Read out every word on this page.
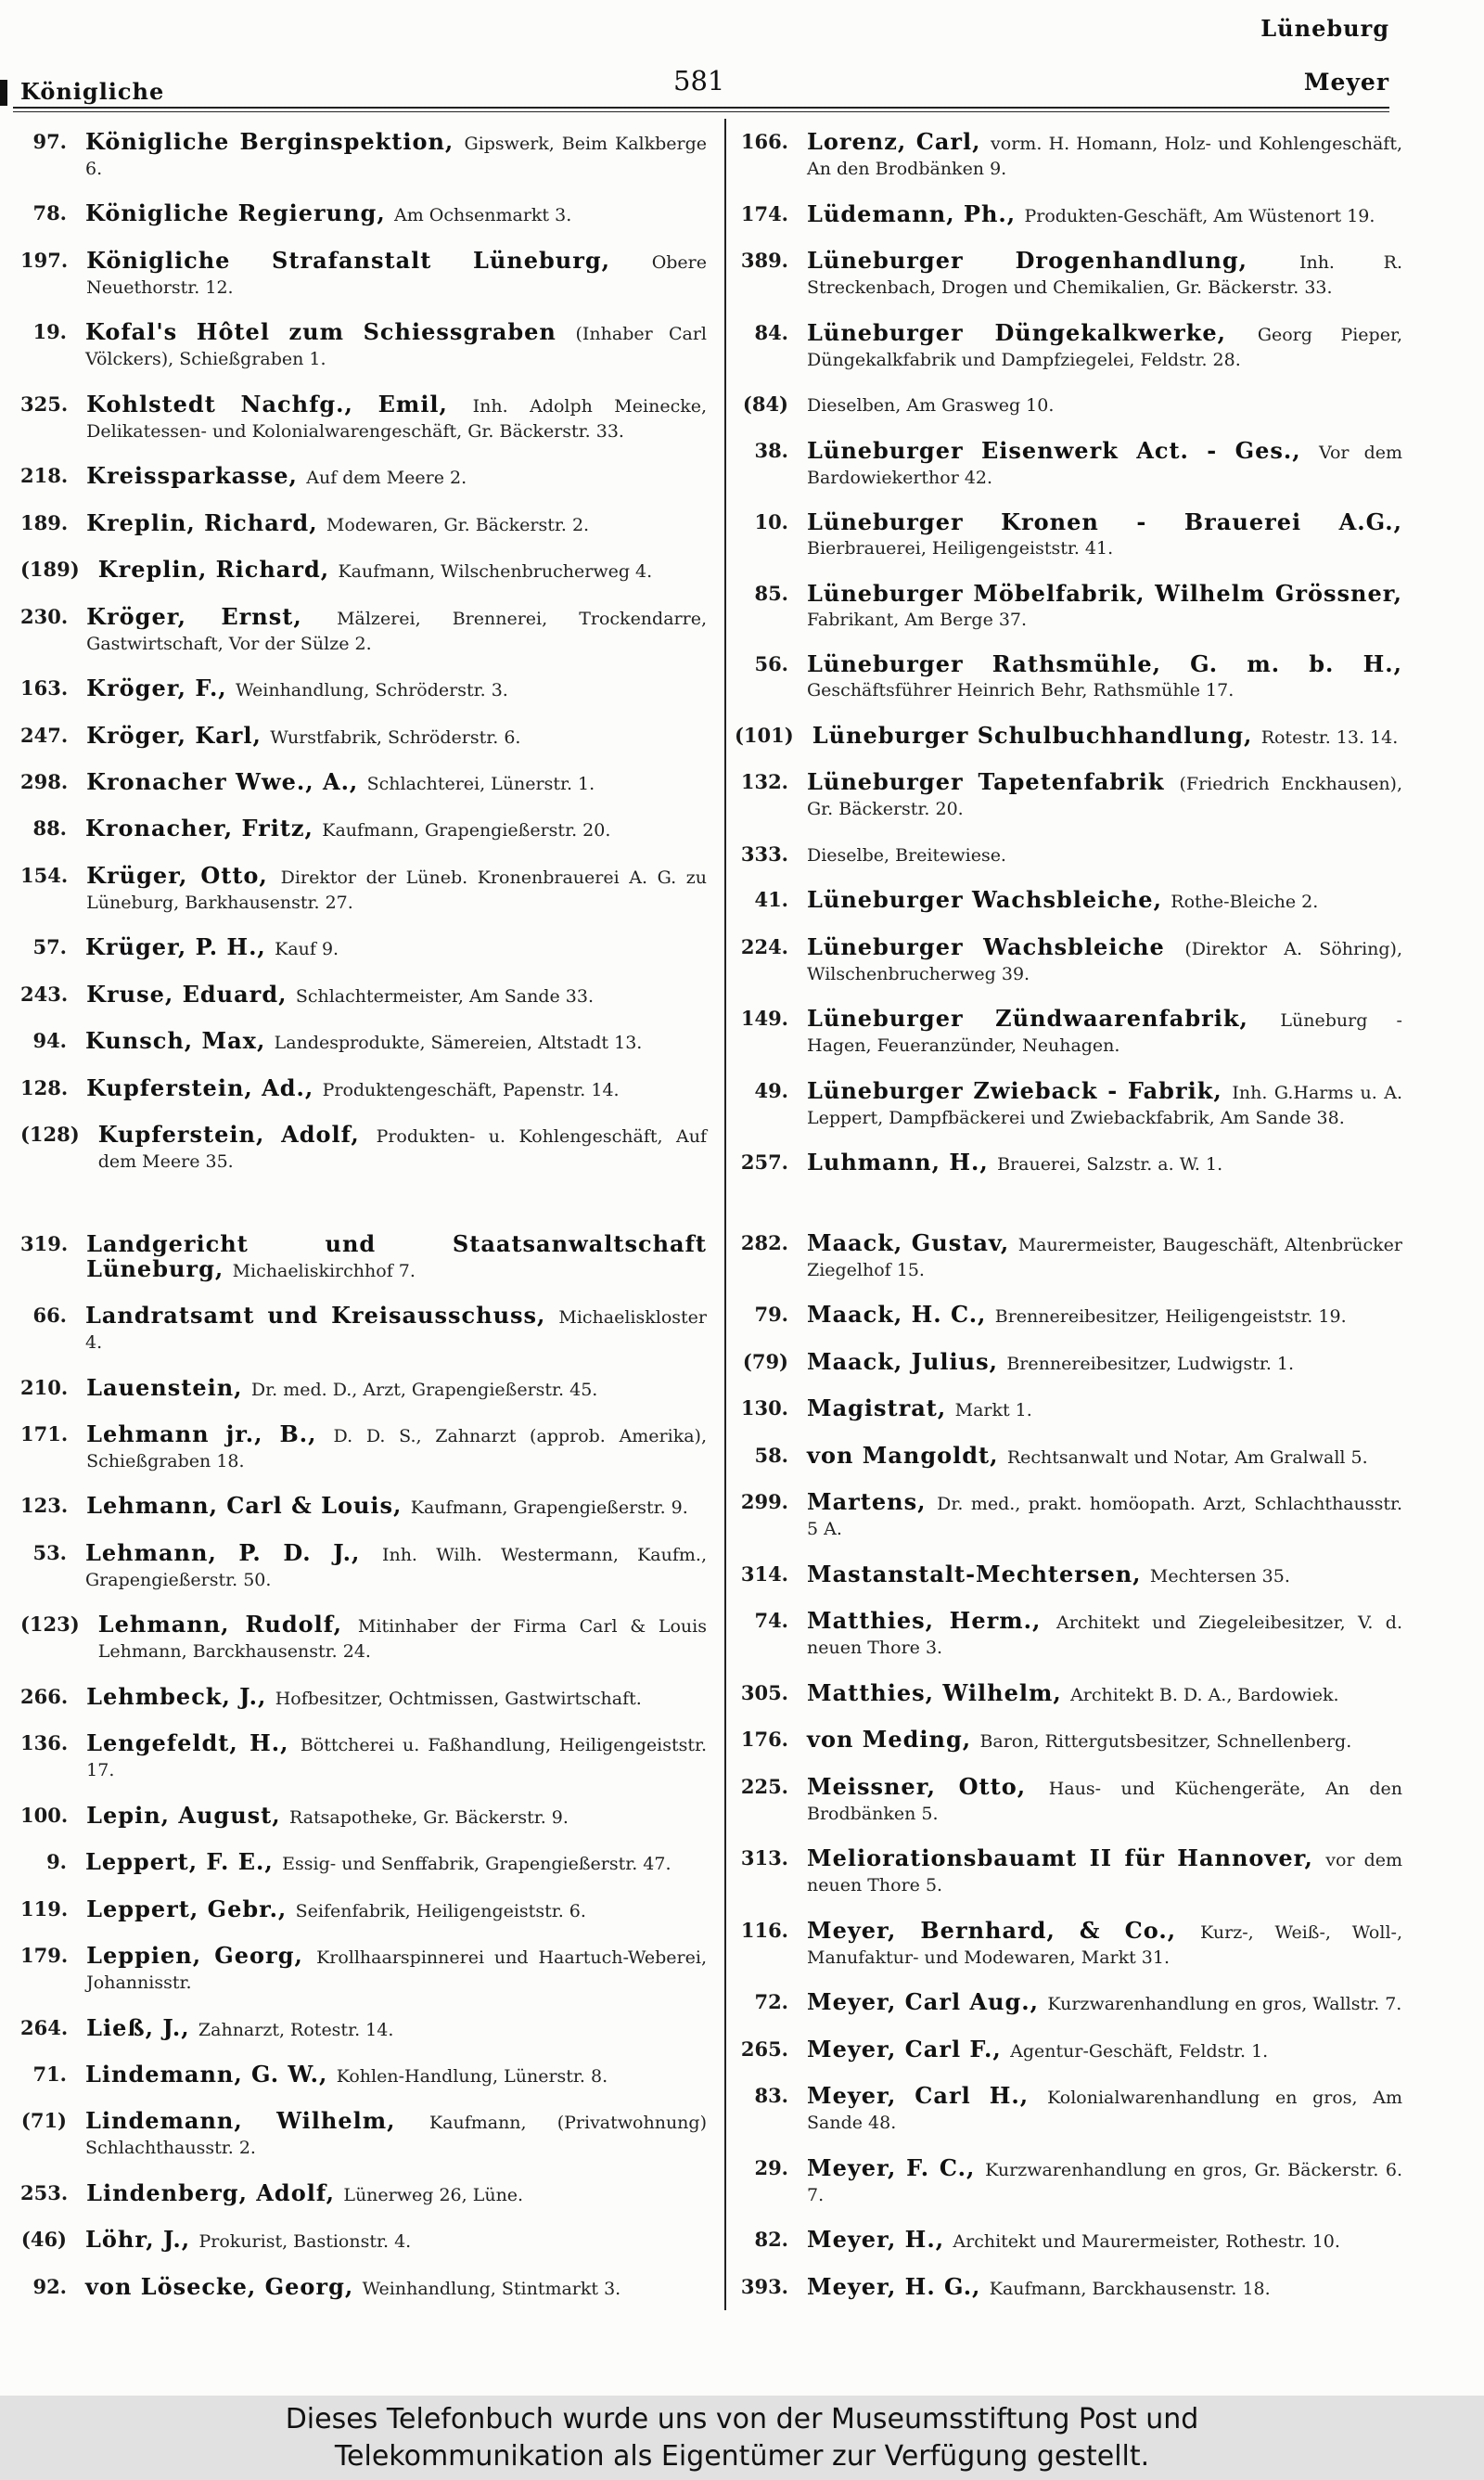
Königliche	581
Lüneburg
Meyer
97. Königliche Berginspektion, Gipswerk, Beim Kalkberge 6.
78. Königliche Regierung, Am Ochsenmarkt 3.
197. Königliche Strafanstalt Lüneburg, Obere Neuethorstr. 12.
19. Kofal's Hôtel zum Schiessgraben (Inhaber Carl Völckers), Schießgraben 1.
325. Kohlstedt Nachfg., Emil, Inh. Adolph Meinecke, Delikatessen- und Kolonialwarengeschäft, Gr. Bäckerstr. 33.
218. Kreissparkasse, Auf dem Meere 2.
189. Kreplin, Richard, Modewaren, Gr. Bäckerstr. 2.
(189) Kreplin, Richard, Kaufmann, Wilschenbrucherweg 4.
230. Kröger, Ernst, Mälzerei, Brennerei, Trockendarre, Gastwirtschaft, Vor der Sülze 2.
163. Kröger, F., Weinhandlung, Schröderstr. 3.
247. Kröger, Karl, Wurstfabrik, Schröderstr. 6.
298. Kronacher Wwe., A., Schlachterei, Lünerstr. 1.
88. Kronacher, Fritz, Kaufmann, Grapengießerstr. 20.
154. Krüger, Otto, Direktor der Lüneb. Kronenbrauerei A. G. zu Lüneburg, Barkhausenstr. 27.
57. Krüger, P. H., Kauf 9.
243. Kruse, Eduard, Schlachtermeister, Am Sande 33.
94. Kunsch, Max, Landesprodukte, Sämereien, Altstadt 13.
128. Kupferstein, Ad., Produktengeschäft, Papenstr. 14.
(128) Kupferstein, Adolf, Produkten- u. Kohlengeschäft, Auf dem Meere 35.
319. Landgericht und Staatsanwaltschaft Lüneburg, Michaeliskirchhof 7.
66. Landratsamt und Kreisausschuss, Michaeliskloster 4.
210. Lauenstein, Dr. med. D., Arzt, Grapengießerstr. 45.
171. Lehmann jr., B., D. D. S., Zahnarzt (approb. Amerika), Schießgraben 18.
123. Lehmann, Carl & Louis, Kaufmann, Grapengießerstr. 9.
53. Lehmann, P. D. J., Inh. Wilh. Westermann, Kaufm., Grapengießerstr. 50.
(123) Lehmann, Rudolf, Mitinhaber der Firma Carl & Louis Lehmann, Barckhausenstr. 24.
266. Lehmbeck, J., Hofbesitzer, Ochtmissen, Gastwirtschaft.
136. Lengefeldt, H., Böttcherei u. Faßhandlung, Heiligengeiststr. 17.
100. Lepin, August, Ratsapotheke, Gr. Bäckerstr. 9.
9. Leppert, F. E., Essig- und Senffabrik, Grapengießerstr. 47.
119. Leppert, Gebr., Seifenfabrik, Heiligengeiststr. 6.
179. Leppien, Georg, Krollhaarspinnerei und Haartuch-Weberei, Johannisstr.
264. Ließ, J., Zahnarzt, Rotestr. 14.
71. Lindemann, G. W., Kohlen-Handlung, Lünerstr. 8.
(71) Lindemann, Wilhelm, Kaufmann, (Privatwohnung) Schlachthausstr. 2.
253. Lindenberg, Adolf, Lünerweg 26, Lüne.
(46) Löhr, J., Prokurist, Bastionstr. 4.
92. von Lösecke, Georg, Weinhandlung, Stintmarkt 3.
166. Lorenz, Carl, vorm. H. Homann, Holz- und Kohlengeschäft, An den Brodbänken 9.
174. Lüdemann, Ph., Produkten-Geschäft, Am Wüstenort 19.
389. Lüneburger Drogenhandlung, Inh. R. Streckenbach, Drogen und Chemikalien, Gr. Bäckerstr. 33.
84. Lüneburger Düngekalkwerke, Georg Pieper, Düngekalkfabrik und Dampfziegelei, Feldstr. 28.
(84)	Dieselben, Am Grasweg 10.
38. Lüneburger Eisenwerk Act. - Ges., Vor dem Bardowiekerthor 42.
10. Lüneburger Kronen - Brauerei A.G., Bierbrauerei, Heiligengeiststr. 41.
85. Lüneburger Möbelfabrik, Wilhelm Grössner, Fabrikant, Am Berge 37.
56. Lüneburger Rathsmühle, G. m. b. H., Geschäftsführer Heinrich Behr, Rathsmühle 17.
(101) Lüneburger Schulbuchhandlung, Rotestr. 13. 14.
132. Lüneburger Tapetenfabrik (Friedrich Enckhausen), Gr. Bäckerstr. 20.
333.	Dieselbe, Breitewiese.
41. Lüneburger Wachsbleiche, Rothe-Bleiche 2.
224. Lüneburger Wachsbleiche (Direktor A. Söhring), Wilschenbrucherweg 39.
149. Lüneburger Zündwaarenfabrik, Lüneburg - Hagen, Feueranzünder, Neuhagen.
49. Lüneburger Zwieback - Fabrik, Inh. G.Harms u. A. Leppert, Dampfbäckerei und Zwiebackfabrik, Am Sande 38.
257. Luhmann, H., Brauerei, Salzstr. a. W. 1.
282. Maack, Gustav, Maurermeister, Baugeschäft, Altenbrücker Ziegelhof 15.
79. Maack, H. C., Brennereibesitzer, Heiligengeiststr. 19.
(79) Maack, Julius, Brennereibesitzer, Ludwigstr. 1.
130. Magistrat, Markt 1.
58. von Mangoldt, Rechtsanwalt und Notar, Am Gralwall 5.
299. Martens, Dr. med., prakt. homöopath. Arzt, Schlachthausstr. 5 A.
314. Mastanstalt-Mechtersen, Mechtersen 35.
74. Matthies, Herm., Architekt und Ziegeleibesitzer, V. d. neuen Thore 3.
305. Matthies, Wilhelm, Architekt B. D. A., Bardowiek.
176. von Meding, Baron, Rittergutsbesitzer, Schnellenberg.
225. Meissner, Otto, Haus- und Küchengeräte, An den Brodbänken 5.
313. Meliorationsbauamt II für Hannover, vor dem neuen Thore 5.
116. Meyer, Bernhard, & Co., Kurz-, Weiß-, Woll-, Manufaktur- und Modewaren, Markt 31.
72. Meyer, Carl Aug., Kurzwarenhandlung en gros, Wallstr. 7.
265. Meyer, Carl F., Agentur-Geschäft, Feldstr. 1.
83. Meyer, Carl H., Kolonialwarenhandlung en gros, Am Sande 48.
29. Meyer, F. C., Kurzwarenhandlung en gros, Gr. Bäckerstr. 6. 7.
82. Meyer, H., Architekt und Maurermeister, Rothestr. 10.
393. Meyer, H. G., Kaufmann, Barckhausenstr. 18.
Dieses Telefonbuch wurde uns von der Museumsstiftung Post und
Telekommunikation als Eigentümer zur Verfügung gestellt.
